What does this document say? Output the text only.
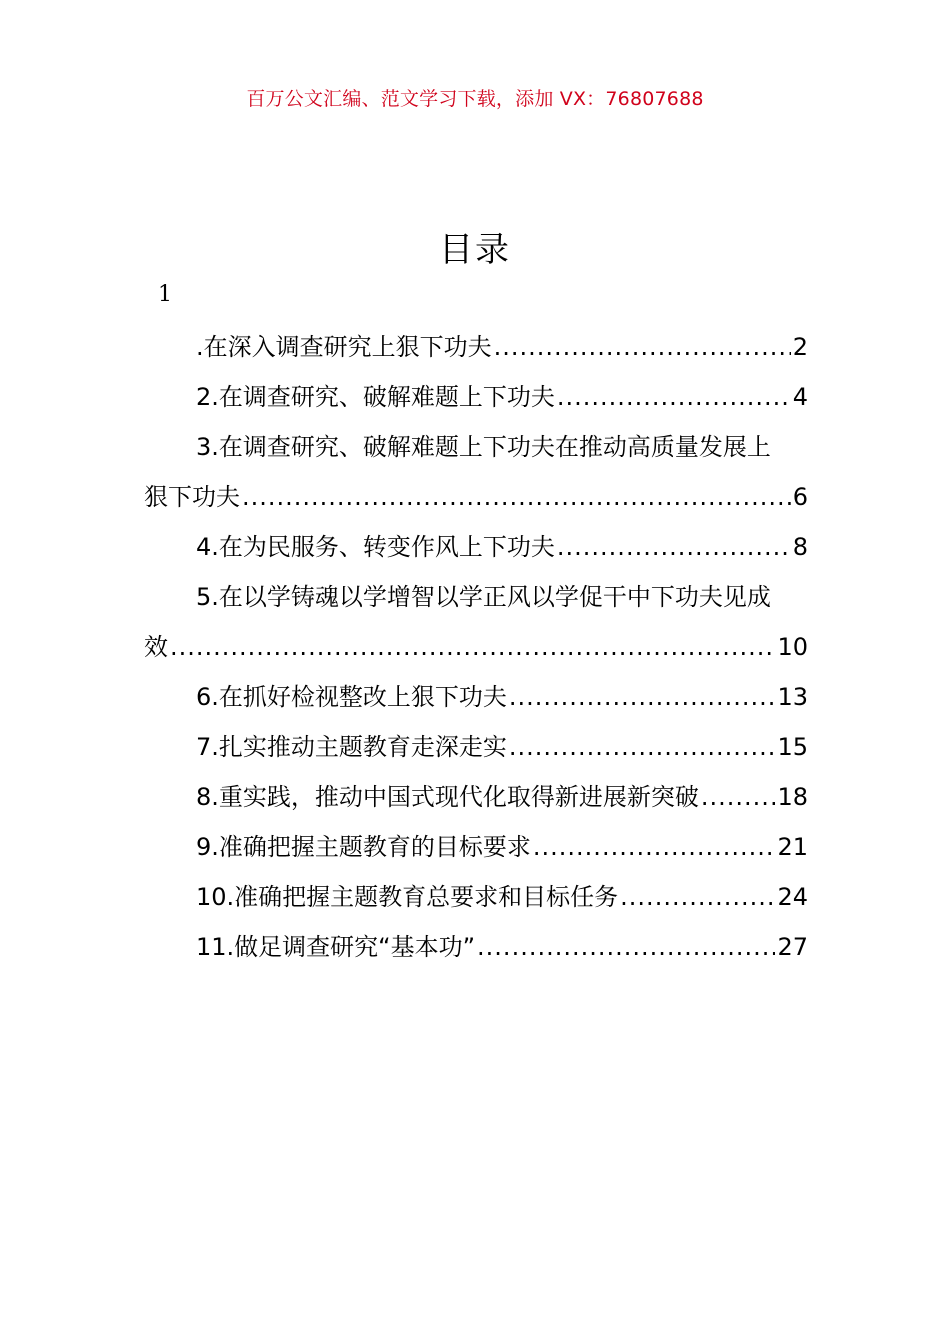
百万公文汇编、范文学习下载，添加 VX：76807688
目录
1
.在深入调查研究上狠下功夫 .....	2
2.在调查研究、破解难题上下功夫 .....	4
3.在调查研究、破解难题上下功夫在推动高质量发展上
狠下功夫 .....	6
4.在为民服务、转变作风上下功夫 .....	8
5.在以学铸魂以学增智以学正风以学促干中下功夫见成
效 .....	10
6.在抓好检视整改上狠下功夫 .....	13
7.扎实推动主题教育走深走实 .....	15
8.重实践，推动中国式现代化取得新进展新突破 .....	18
9.准确把握主题教育的目标要求 .....	21
10.准确把握主题教育总要求和目标任务 .....	24
11.做足调查研究“基本功” .....	27
